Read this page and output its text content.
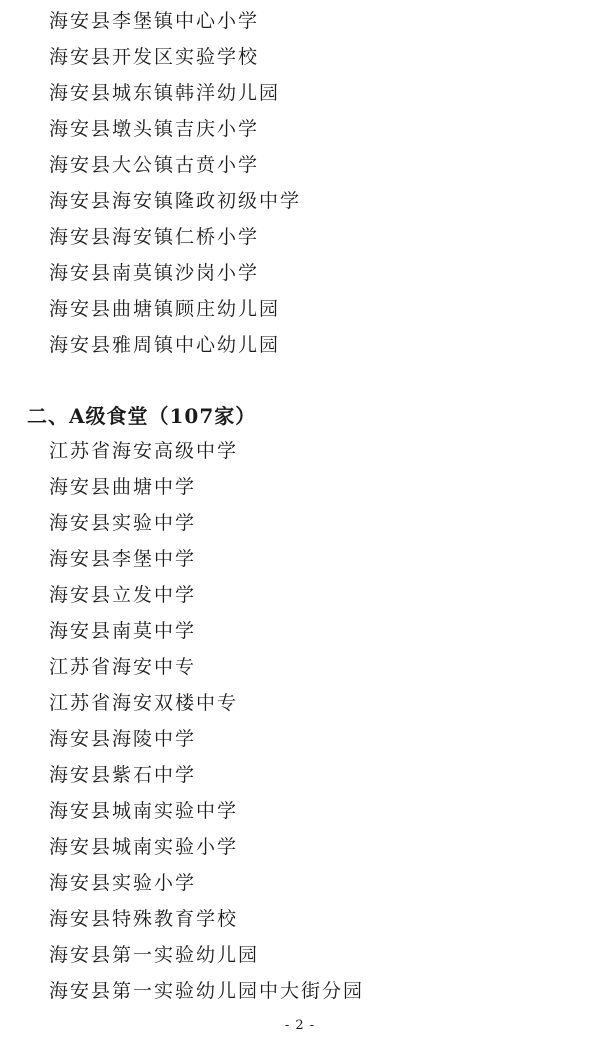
海安县李堡镇中心小学
海安县开发区实验学校
海安县城东镇韩洋幼儿园
海安县墩头镇吉庆小学
海安县大公镇古贲小学
海安县海安镇隆政初级中学
海安县海安镇仁桥小学
海安县南莫镇沙岗小学
海安县曲塘镇顾庄幼儿园
海安县雅周镇中心幼儿园
二、A级食堂（107家）
江苏省海安高级中学
海安县曲塘中学
海安县实验中学
海安县李堡中学
海安县立发中学
海安县南莫中学
江苏省海安中专
江苏省海安双楼中专
海安县海陵中学
海安县紫石中学
海安县城南实验中学
海安县城南实验小学
海安县实验小学
海安县特殊教育学校
海安县第一实验幼儿园
海安县第一实验幼儿园中大街分园
- 2 -
